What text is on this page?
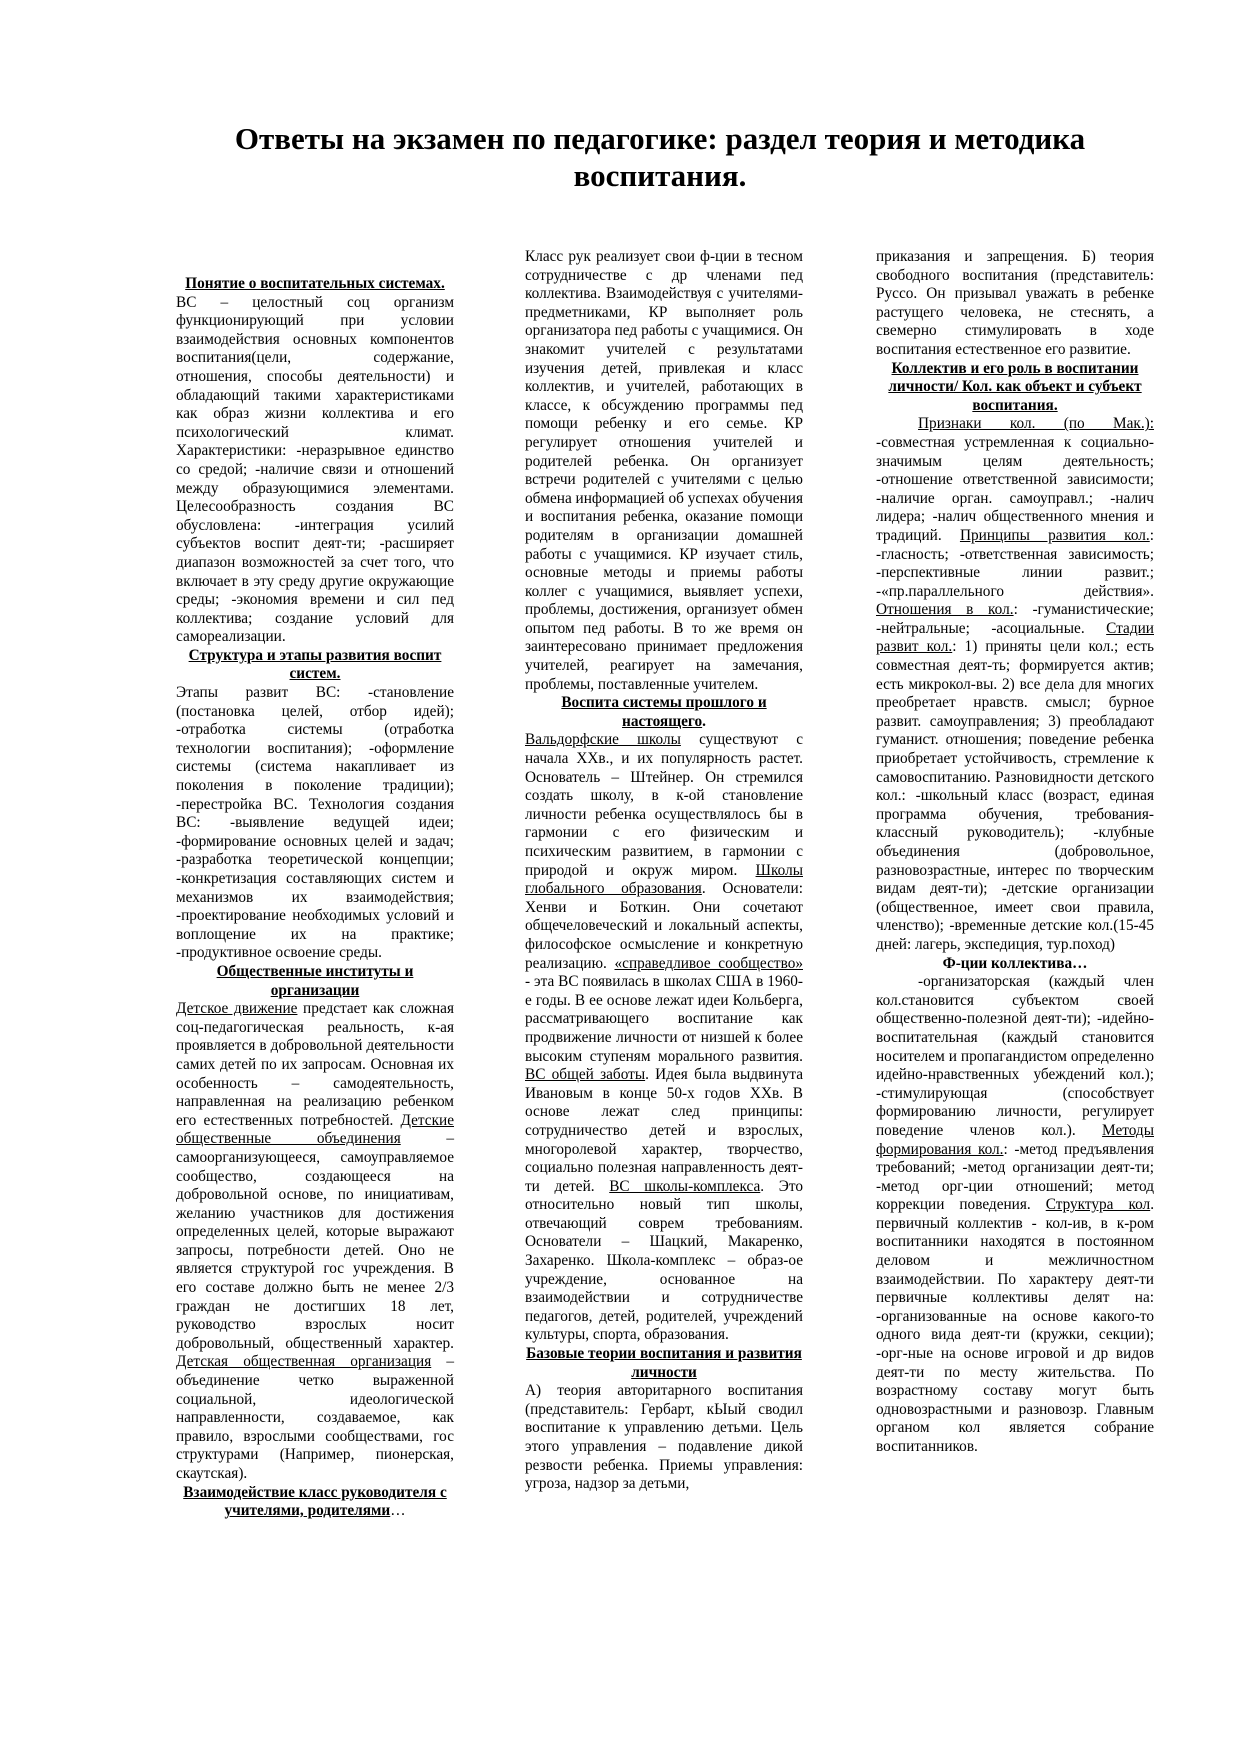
Ответы на экзамен по педагогике: раздел теория и методика воспитания.
Понятие о воспитательных системах.

ВС – целостный соц организм функционирующий при условии взаимодействия основных компонентов воспитания(цели, содержание, отношения, способы деятельности) и обладающий такими характеристиками как образ жизни коллектива и его психологический климат. Характеристики: -неразрывное единство со средой; -наличие связи и отношений между образующимися элементами. Целесообразность создания ВС обусловлена: -интеграция усилий субъектов воспит деят-ти; -расширяет диапазон возможностей за счет того, что включает в эту среду другие окружающие среды; -экономия времени и сил пед коллектива; создание условий для самореализации.

Структура и этапы развития воспит систем.

Этапы развит ВС: -становление (постановка целей, отбор идей); -отработка системы (отработка технологии воспитания); -оформление системы (система накапливает из поколения в поколение традиции); -перестройка ВС. Технология создания ВС: -выявление ведущей идеи; -формирование основных целей и задач; -разработка теоретической концепции; -конкретизация составляющих систем и механизмов их взаимодействия; -проектирование необходимых условий и воплощение их на практике; -продуктивное освоение среды.

Общественные институты и организации

Детское движение предстает как сложная соц-педагогическая реальность, к-ая проявляется в добровольной деятельности самих детей по их запросам. Основная их особенность – самодеятельность, направленная на реализацию ребенком его естественных потребностей. Детские общественные объединения – самоорганизующееся, самоуправляемое сообщество, создающееся на добровольной основе, по инициативам, желанию участников для достижения определенных целей, которые выражают запросы, потребности детей. Оно не является структурой гос учреждения. В его составе должно быть не менее 2/3 граждан не достигших 18 лет, руководство взрослых носит добровольный, общественный характер. Детская общественная организация – объединение четко выраженной социальной, идеологической направленности, создаваемое, как правило, взрослыми сообществами, гос структурами (Например, пионерская, скаутская).

Взаимодействие класс руководителя с учителями, родителями…

Класс рук реализует свои ф-ции в тесном сотрудничестве с др членами пед коллектива. Взаимодействуя с учителями-предметниками, КР выполняет роль организатора пед работы с учащимися. Он знакомит учителей с результатами изучения детей, привлекая и класс коллектив, и учителей, работающих в классе, к обсуждению программы пед помощи ребенку и его семье. КР регулирует отношения учителей и родителей ребенка. Он организует встречи родителей с учителями с целью обмена информацией об успехах обучения и воспитания ребенка, оказание помощи родителям в организации домашней работы с учащимися. КР изучает стиль, основные методы и приемы работы коллег с учащимися, выявляет успехи, проблемы, достижения, организует обмен опытом пед работы. В то же время он заинтересовано принимает предложения учителей, реагирует на замечания, проблемы, поставленные учителем.

Воспита системы прошлого и настоящего.

Вальдорфские школы существуют с начала XXв., и их популярность растет. Основатель – Штейнер. Он стремился создать школу, в к-ой становление личности ребенка осуществлялось бы в гармонии с его физическим и психическим развитием, в гармонии с природой и окруж миром. Школы глобального образования. Основатели: Хенви и Боткин. Они сочетают общечеловеческий и локальный аспекты, философское осмысление и конкретную реализацию. «справедливое сообщество» - эта ВС появилась в школах США в 1960-е годы. В ее основе лежат идеи Кольберга, рассматривающего воспитание как продвижение личности от низшей к более высоким ступеням морального развития. ВС общей заботы. Идея была выдвинута Ивановым в конце 50-х годов XXв. В основе лежат след принципы: сотрудничество детей и взрослых, многоролевой характер, творчество, социально полезная направленность деят-ти детей. ВС школы-комплекса. Это относительно новый тип школы, отвечающий соврем требованиям. Основатели – Шацкий, Макаренко, Захаренко. Школа-комплекс – образ-ое учреждение, основанное на взаимодействии и сотрудничестве педагогов, детей, родителей, учреждений культуры, спорта, образования.

Базовые теории воспитания и развития личности

А) теория авторитарного воспитания (представитель: Гербарт, кЫый сводил воспитание к управлению детьми. Цель этого управления – подавление дикой резвости ребенка. Приемы управления: угроза, надзор за детьми,

приказания и запрещения. Б) теория свободного воспитания (представитель: Руссо. Он призывал уважать в ребенке растущего человека, не стеснять, а свемерно стимулировать в ходе воспитания естественное его развитие.

Коллектив и его роль в воспитании личности/ Кол. как объект и субъект воспитания.

Признаки кол. (по Мак.): -совместная устремленная к социально-значимым целям деятельность; -отношение ответственной зависимости; -наличие орган. самоуправл.; -налич лидера; -налич общественного мнения и традиций. Принципы развития кол.: -гласность; -ответственная зависимость; -перспективные линии развит.; -«пр.параллельного действия». Отношения в кол.: -гуманистические; -нейтральные; -асоциальные. Стадии развит кол.: 1) приняты цели кол.; есть совместная деят-ть; формируется актив; есть микрокол-вы. 2) все дела для многих преобретает нравств. смысл; бурное развит. самоуправления; 3) преобладают гуманист. отношения; поведение ребенка приобретает устойчивость, стремление к самовоспитанию. Разновидности детского кол.: -школьный класс (возраст, единая программа обучения, требования-классный руководитель); -клубные объединения (добровольное, разновозрастные, интерес по творческим видам деят-ти); -детские организации (общественное, имеет свои правила, членство); -временные детские кол.(15-45 дней: лагерь, экспедиция, тур.поход)

Ф-ции коллектива…

-организаторская (каждый член кол.становится субъектом своей общественно-полезной деят-ти); -идейно-воспитательная (каждый становится носителем и пропагандистом определенно идейно-нравственных убеждений кол.); -стимулирующая (способствует формированию личности, регулирует поведение членов кол.). Методы формирования кол.: -метод предъявления требований; -метод организации деят-ти; -метод орг-ции отношений; метод коррекции поведения. Структура кол. первичный коллектив - кол-ив, в к-ром воспитанники находятся в постоянном деловом и межличностном взаимодействии. По характеру деят-ти первичные коллективы делят на: -организованные на основе какого-то одного вида деят-ти (кружки, секции); -орг-ные на основе игровой и др видов деят-ти по месту жительства. По возрастному составу могут быть одновозрастными и разновозр. Главным органом кол является собрание воспитанников.
